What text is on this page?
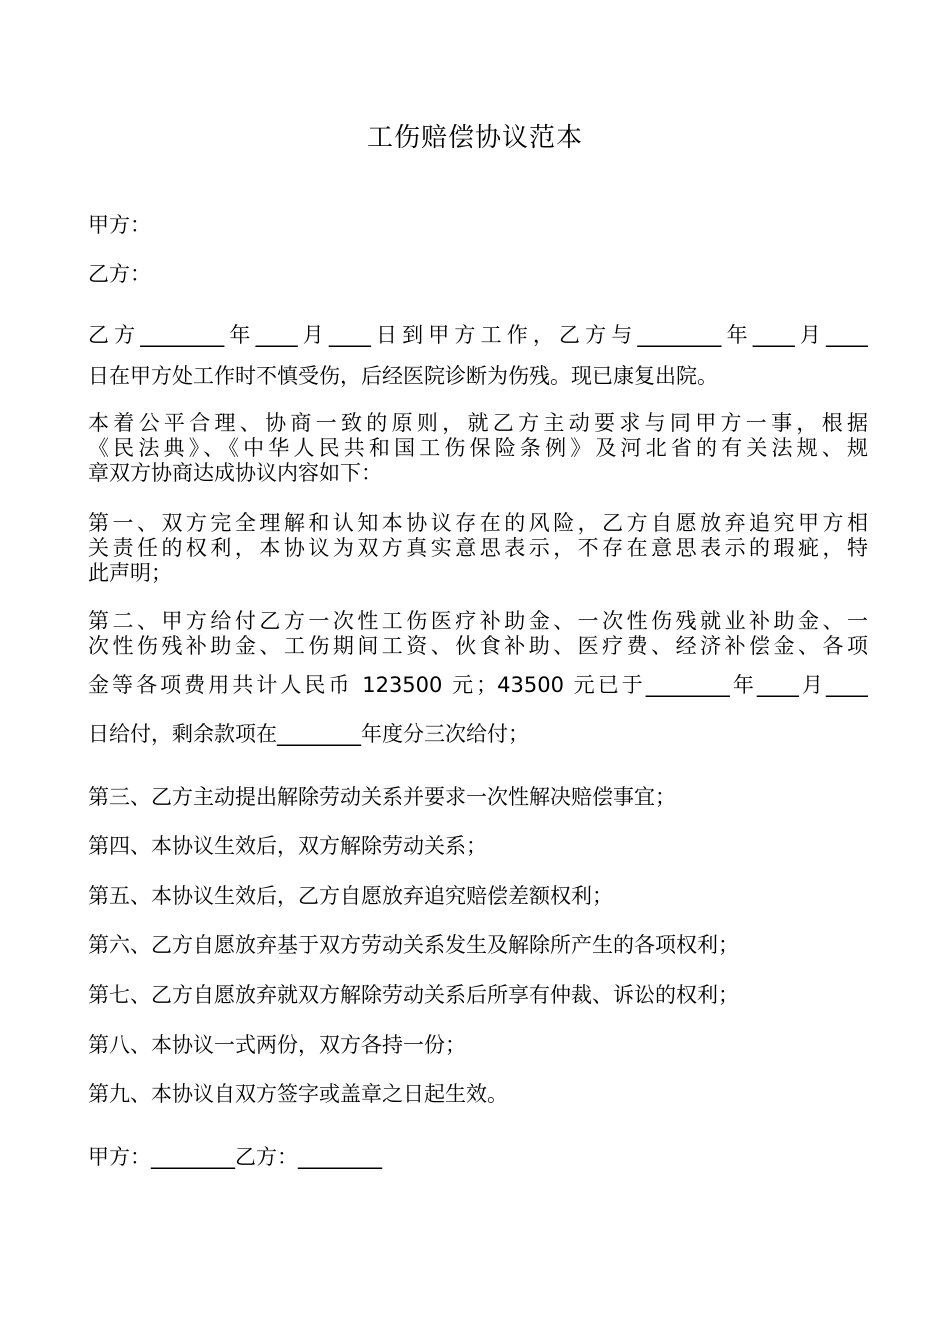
工伤赔偿协议范本
甲方：
乙方：
乙方________年____月____日到甲方工作，乙方与________年____月____
日在甲方处工作时不慎受伤，后经医院诊断为伤残。现已康复出院。
本着公平合理、协商一致的原则，就乙方主动要求与同甲方一事，根据
《民法典》、《中华人民共和国工伤保险条例》及河北省的有关法规、规
章双方协商达成协议内容如下：
第一、双方完全理解和认知本协议存在的风险，乙方自愿放弃追究甲方相
关责任的权利，本协议为双方真实意思表示，不存在意思表示的瑕疵，特
此声明；
第二、甲方给付乙方一次性工伤医疗补助金、一次性伤残就业补助金、一
次性伤残补助金、工伤期间工资、伙食补助、医疗费、经济补偿金、各项
金等各项费用共计人民币 123500 元；43500 元已于________年____月____
日给付，剩余款项在________年度分三次给付；
第三、乙方主动提出解除劳动关系并要求一次性解决赔偿事宜；
第四、本协议生效后，双方解除劳动关系；
第五、本协议生效后，乙方自愿放弃追究赔偿差额权利；
第六、乙方自愿放弃基于双方劳动关系发生及解除所产生的各项权利；
第七、乙方自愿放弃就双方解除劳动关系后所享有仲裁、诉讼的权利；
第八、本协议一式两份，双方各持一份；
第九、本协议自双方签字或盖章之日起生效。
甲方：________乙方：________
